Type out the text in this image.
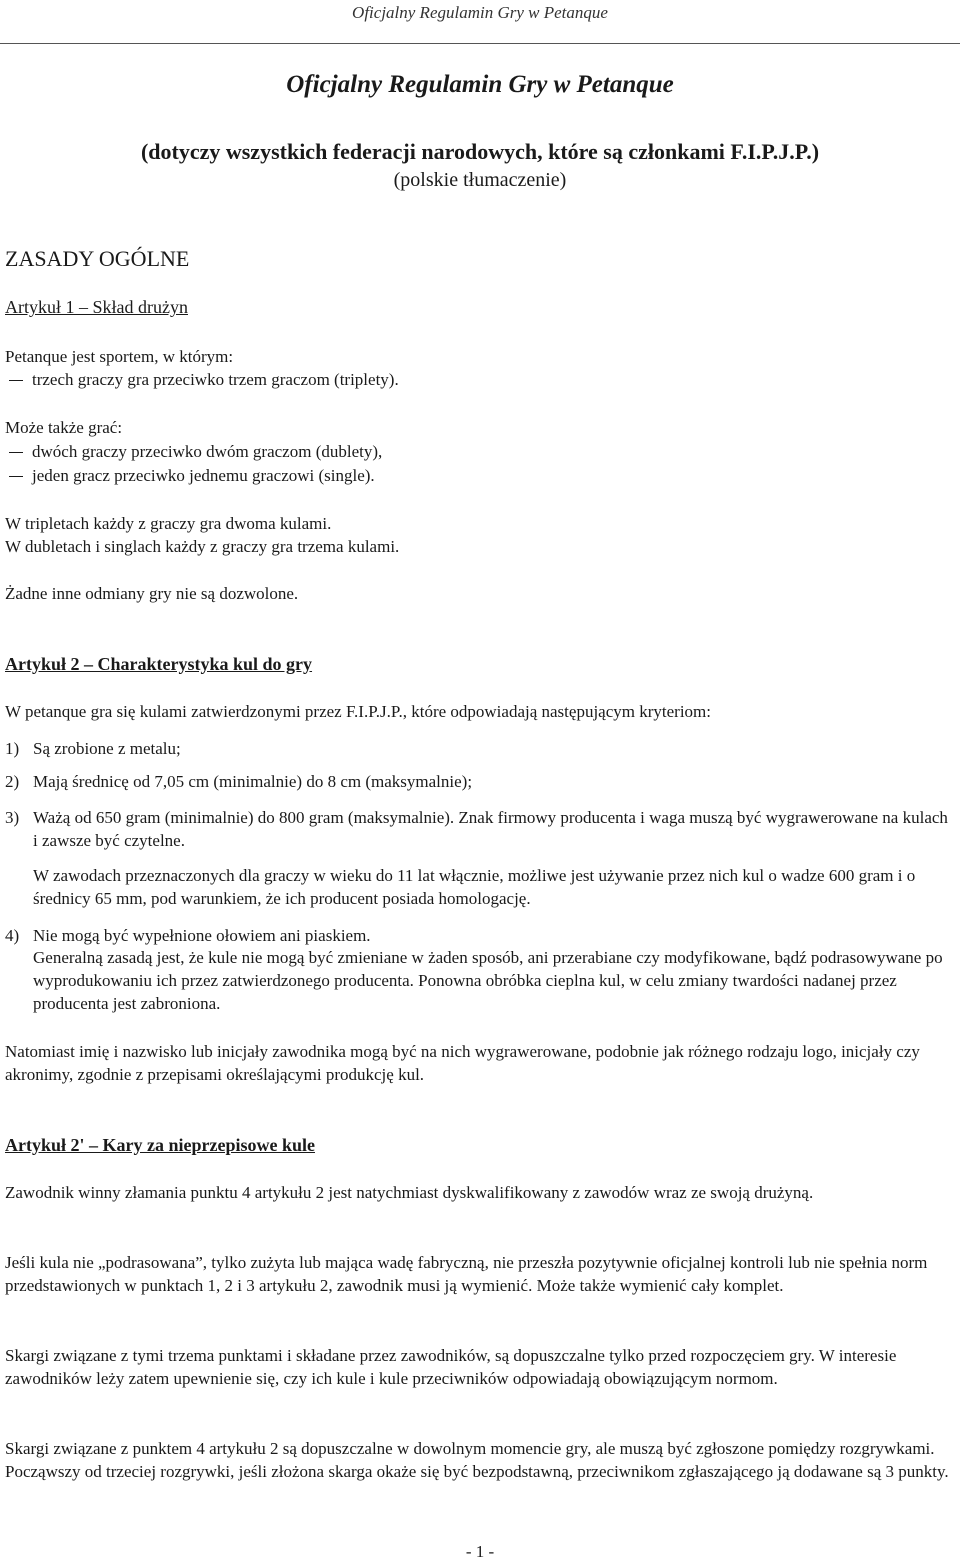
Oficjalny Regulamin Gry w Petanque
Oficjalny Regulamin Gry w Petanque
(dotyczy wszystkich federacji narodowych, które są członkami F.I.P.J.P.)
(polskie tłumaczenie)
ZASADY OGÓLNE
Artykuł 1 – Skład drużyn
Petanque jest sportem, w którym:
trzech graczy gra przeciwko trzem graczom (triplety).
Może także grać:
dwóch graczy przeciwko dwóm graczom (dublety),
jeden gracz przeciwko jednemu graczowi (single).
W tripletach każdy z graczy gra dwoma kulami.
W dubletach i singlach każdy z graczy gra trzema kulami.
Żadne inne odmiany gry nie są dozwolone.
Artykuł 2 – Charakterystyka kul do gry
W petanque gra się kulami zatwierdzonymi przez F.I.P.J.P., które odpowiadają następującym kryteriom:
1) Są zrobione z metalu;
2) Mają średnicę od 7,05 cm (minimalnie) do 8 cm (maksymalnie);
3) Ważą od 650 gram (minimalnie) do 800 gram (maksymalnie). Znak firmowy producenta i waga muszą być wygrawerowane na kulach i zawsze być czytelne.
W zawodach przeznaczonych dla graczy w wieku do 11 lat włącznie, możliwe jest używanie przez nich kul o wadze 600 gram i o średnicy 65 mm, pod warunkiem, że ich producent posiada homologację.
4) Nie mogą być wypełnione ołowiem ani piaskiem.
Generalną zasadą jest, że kule nie mogą być zmieniane w żaden sposób, ani przerabiane czy modyfikowane, bądź podrasowywane po wyprodukowaniu ich przez zatwierdzonego producenta. Ponowna obróbka cieplna kul, w celu zmiany twardości nadanej przez producenta jest zabroniona.
Natomiast imię i nazwisko lub inicjały zawodnika mogą być na nich wygrawerowane, podobnie jak różnego rodzaju logo, inicjały czy akronimy, zgodnie z przepisami określającymi produkcję kul.
Artykuł 2' – Kary za nieprzepisowe kule
Zawodnik winny złamania punktu 4 artykułu 2 jest natychmiast dyskwalifikowany z zawodów wraz ze swoją drużyną.
Jeśli kula nie „podrasowana”, tylko zużyta lub mająca wadę fabryczną, nie przeszła pozytywnie oficjalnej kontroli lub nie spełnia norm przedstawionych w punktach 1, 2 i 3 artykułu 2, zawodnik musi ją wymienić. Może także wymienić cały komplet.
Skargi związane z tymi trzema punktami i składane przez zawodników, są dopuszczalne tylko przed rozpoczęciem gry. W interesie zawodników leży zatem upewnienie się, czy ich kule i kule przeciwników odpowiadają obowiązującym normom.
Skargi związane z punktem 4 artykułu 2 są dopuszczalne w dowolnym momencie gry, ale muszą być zgłoszone pomiędzy rozgrywkami. Począwszy od trzeciej rozgrywki, jeśli złożona skarga okaże się być bezpodstawną, przeciwnikom zgłaszającego ją dodawane są 3 punkty.
- 1 -
